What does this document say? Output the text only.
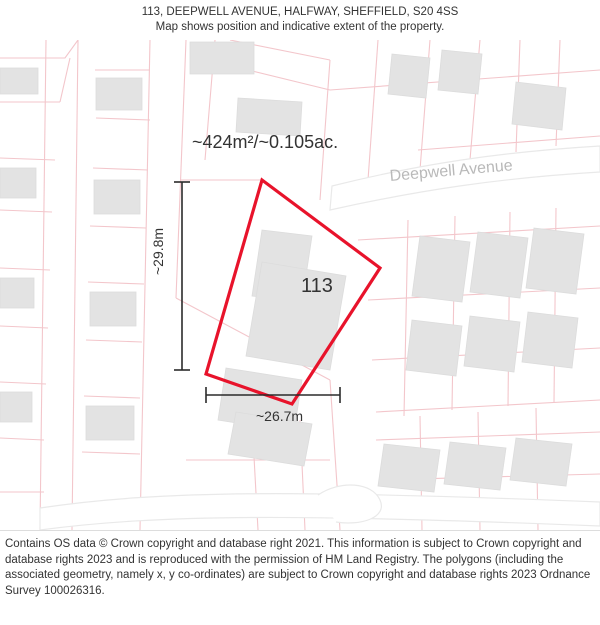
113, DEEPWELL AVENUE, HALFWAY, SHEFFIELD, S20 4SS
Map shows position and indicative extent of the property.
~424m²/~0.105ac.
113
Deepwell Avenue
~26.7m
~29.8m

Contains OS data © Crown copyright and database right 2021. This information is subject to Crown copyright and database rights 2023 and is reproduced with the permission of HM Land Registry. The polygons (including the associated geometry, namely x, y co-ordinates) are subject to Crown copyright and database rights 2023 Ordnance Survey 100026316.
